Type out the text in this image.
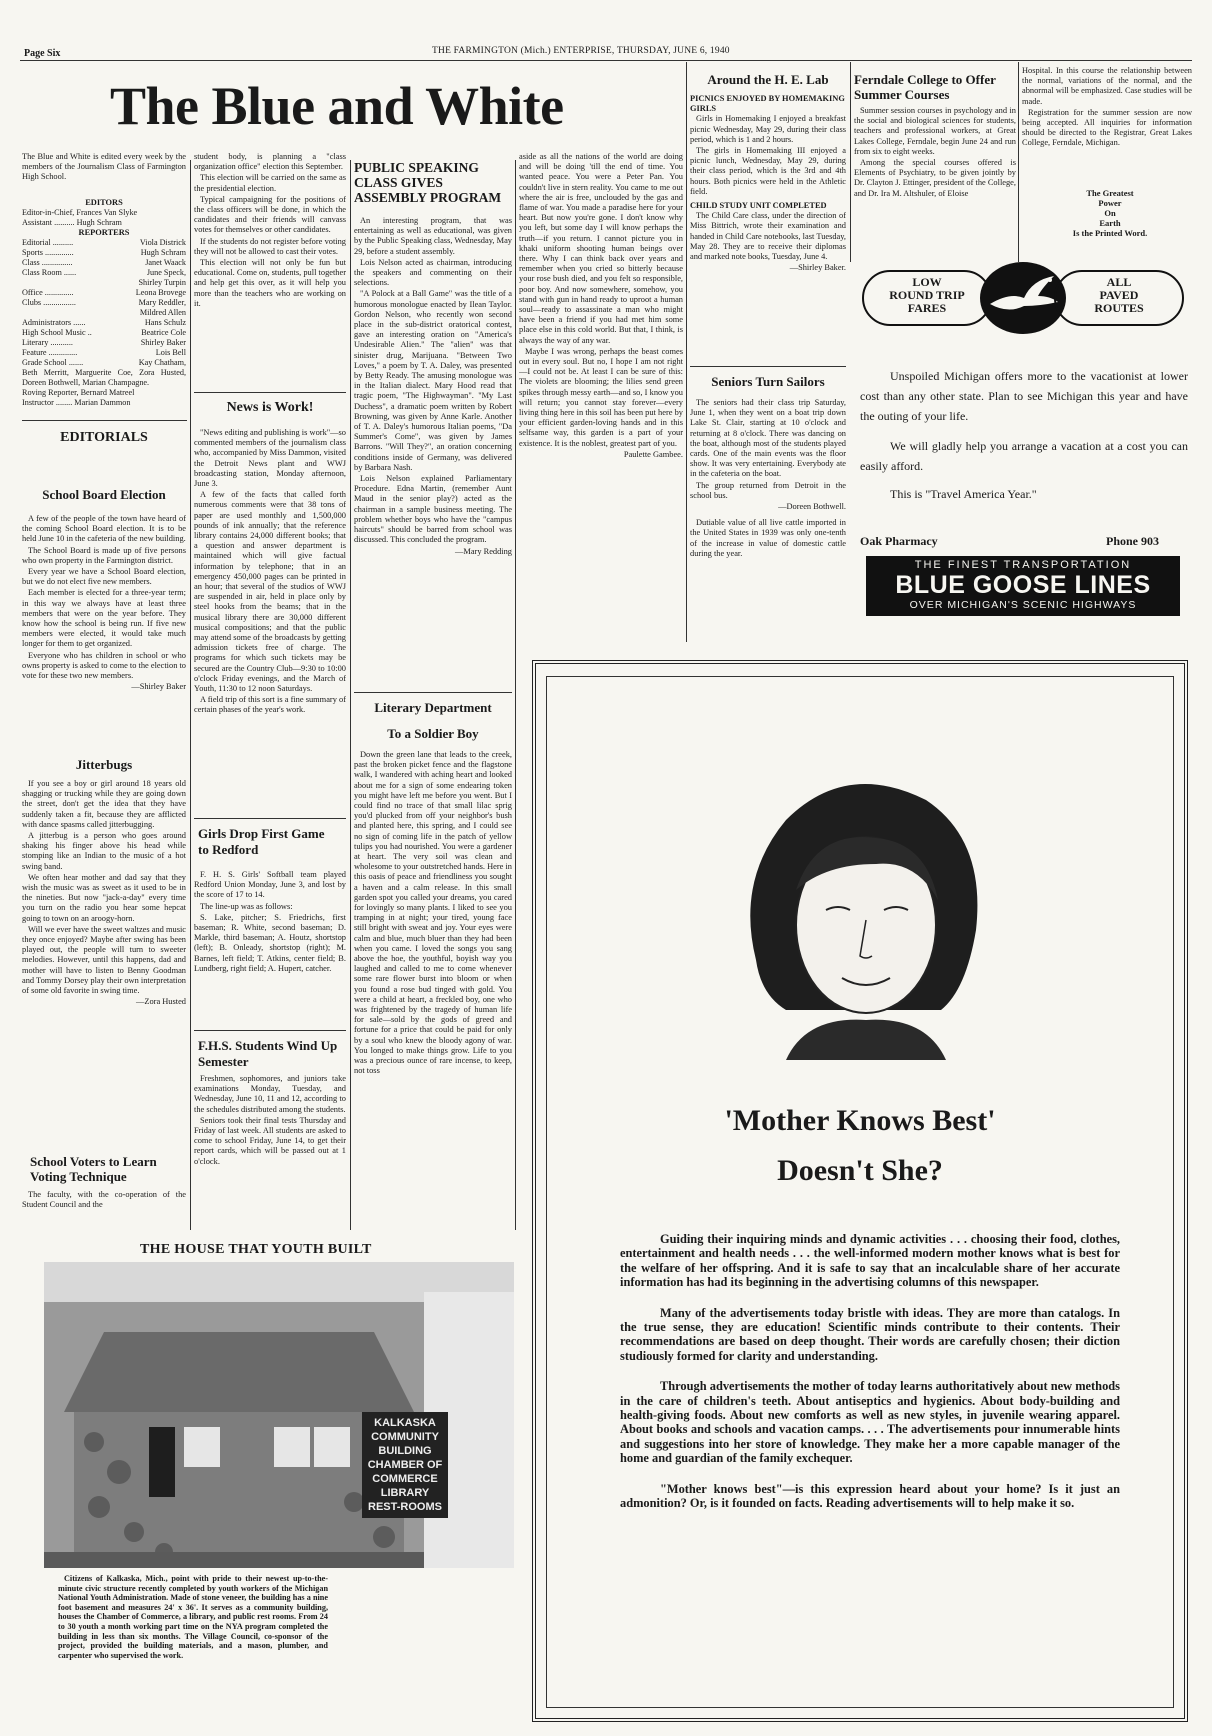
Page Six	THE FARMINGTON (Mich.) ENTERPRISE, THURSDAY, JUNE 6, 1940
The Blue and White
The Blue and White is edited every week by the members of the Journalism Class of Farmington High School.
EDITORS
Editor-in-Chief, Frances Van Slyke
Assistant .......... Hugh Schram
REPORTERS
Editorial ..........	Viola Districk
Sports ..............	Hugh Schram
Class ...............	Janet Waack
Class Room ......	June Speck,
Shirley Turpin
Office ..............	Leona Brovege
Clubs ................	Mary Reddler,
Mildred Allen
Administrators ......	Hans Schulz
High School Music ..	Beatrice Cole
Literary ...........	Shirley Baker
Feature ..............	Lois Bell
Grade School .......	Kay Chatham,
Beth Merritt, Marguerite Coe, Zora Husted, Doreen Bothwell, Marian Champagne.
Roving Reporter, Bernard Matreel
Instructor ........ Marian Dammon
EDITORIALS
School Board Election

A few of the people of the town have heard of the coming School Board election. It is to be held June 10 in the cafeteria of the new building.

The School Board is made up of five persons who own property in the Farmington district.

Every year we have a School Board election, but we do not elect five new members.

Each member is elected for a three-year term; in this way we always have at least three members that were on the year before. They know how the school is being run. If five new members were elected, it would take much longer for them to get organized.

Everyone who has children in school or who owns property is asked to come to the election to vote for these two new members.

—Shirley Baker
Jitterbugs

If you see a boy or girl around 18 years old shagging or trucking while they are going down the street, don't get the idea that they have suddenly taken a fit, because they are afflicted with dance spasms called jitterbugging.

A jitterbug is a person who goes around shaking his finger above his head while stomping like an Indian to the music of a hot swing band.

We often hear mother and dad say that they wish the music was as sweet as it used to be in the nineties. But now "jack-a-day" every time you turn on the radio you hear some hepcat going to town on an aroogy-horn.

Will we ever have the sweet waltzes and music they once enjoyed? Maybe after swing has been played out, the people will turn to sweeter melodies. However, until this happens, dad and mother will have to listen to Benny Goodman and Tommy Dorsey play their own interpretation of some old favorite in swing time.

—Zora Husted
School Voters to Learn Voting Technique
The faculty, with the co-operation of the Student Council and the

student body, is planning a "class organization office" election this September.

This election will be carried on the same as the presidential election.

Typical campaigning for the positions of the class officers will be done, in which the candidates and their friends will canvass votes for themselves or other candidates.

If the students do not register before voting they will not be allowed to cast their votes.

This election will not only be fun but educational. Come on, students, pull together and help get this over, as it will help you more than the teachers who are working on it.

News is Work!

"News editing and publishing is work"—so commented members of the journalism class who, accompanied by Miss Dammon, visited the Detroit News plant and WWJ broadcasting station, Monday afternoon, June 3.

A few of the facts that called forth numerous comments were that 38 tons of paper are used monthly and 1,500,000 pounds of ink annually; that the reference library contains 24,000 different books; that a question and answer department is maintained which will give factual information by telephone; that in an emergency 450,000 pages can be printed in an hour; that several of the studios of WWJ are suspended in air, held in place only by steel hooks from the beams; that in the musical library there are 30,000 different musical compositions; and that the public may attend some of the broadcasts by getting admission tickets free of charge. The programs for which such tickets may be secured are the Country Club—9:30 to 10:00 o'clock Friday evenings, and the March of Youth, 11:30 to 12 noon Saturdays.

A field trip of this sort is a fine summary of certain phases of the year's work.

Girls Drop First Game to Redford

F. H. S. Girls' Softball team played Redford Union Monday, June 3, and lost by the score of 17 to 14.

The line-up was as follows:

S. Lake, pitcher; S. Friedrichs, first baseman; R. White, second baseman; D. Markle, third baseman; A. Houtz, shortstop (left); B. Onleady, shortstop (right); M. Barnes, left field; T. Atkins, center field; B. Lundberg, right field; A. Hupert, catcher.

F.H.S. Students Wind Up Semester

Freshmen, sophomores, and juniors take examinations Monday, Tuesday, and Wednesday, June 10, 11 and 12, according to the schedules distributed among the students.

Seniors took their final tests Thursday and Friday of last week. All students are asked to come to school Friday, June 14, to get their report cards, which will be passed out at 1 o'clock.

PUBLIC SPEAKING CLASS GIVES ASSEMBLY PROGRAM

An interesting program, that was entertaining as well as educational, was given by the Public Speaking class, Wednesday, May 29, before a student assembly.

Lois Nelson acted as chairman, introducing the speakers and commenting on their selections.

"A Polock at a Ball Game" was the title of a humorous monologue enacted by Ilean Taylor. Gordon Nelson, who recently won second place in the sub-district oratorical contest, gave an interesting oration on "America's Undesirable Alien." The "alien" was that sinister drug, Marijuana. "Between Two Loves," a poem by T. A. Daley, was presented by Betty Ready. The amusing monologue was in the Italian dialect. Mary Hood read that tragic poem, "The Highwayman". "My Last Duchess", a dramatic poem written by Robert Browning, was given by Anne Karle. Another of T. A. Daley's humorous Italian poems, "Da Summer's Come", was given by James Barrons. "Will They?", an oration concerning conditions inside of Germany, was delivered by Barbara Nash.

Lois Nelson explained Parliamentary Procedure. Edna Martin, (remember Aunt Maud in the senior play?) acted as the chairman in a sample business meeting. The problem whether boys who have the "campus haircuts" should be barred from school was discussed. This concluded the program.

—Mary Redding
Literary Department
To a Soldier Boy

Down the green lane that leads to the creek, past the broken picket fence and the flagstone walk, I wandered with aching heart and looked about me for a sign of some endearing token you might have left me before you went. But I could find no trace of that small lilac sprig you'd plucked from off your neighbor's bush and planted here, this spring, and I could see no sign of coming life in the patch of yellow tulips you had nourished. You were a gardener at heart. The very soil was clean and wholesome to your outstretched hands. Here in this oasis of peace and friendliness you sought a haven and a calm release. In this small garden spot you called your dreams, you cared for lovingly so many plants. I liked to see you tramping in at night; your tired, young face still bright with sweat and joy. Your eyes were calm and blue, much bluer than they had been when you came. I loved the songs you sang above the hoe, the youthful, boyish way you laughed and called to me to come whenever some rare flower burst into bloom or when you found a rose bud tinged with gold. You were a child at heart, a freckled boy, one who was frightened by the tragedy of human life for sale—sold by the gods of greed and fortune for a price that could be paid for only by a soul who knew the bloody agony of war. You longed to make things grow. Life to you was a precious ounce of rare incense, to keep, not toss

aside as all the nations of the world are doing and will be doing 'till the end of time. You wanted peace. You were a Peter Pan. You couldn't live in stern reality. You came to me out where the air is free, unclouded by the gas and flame of war. You made a paradise here for your heart. But now you're gone. I don't know why you left, but some day I will know perhaps the truth—if you return. I cannot picture you in khaki uniform shooting human beings over there. Why I can think back over years and remember when you cried so bitterly because your rose bush died, and you felt so responsible, poor boy. And now somewhere, somehow, you stand with gun in hand ready to uproot a human soul—ready to assassinate a man who might have been a friend if you had met him some place else in this cold world. But that, I think, is always the way of any war.

Maybe I was wrong, perhaps the beast comes out in every soul. But no, I hope I am not right—I could not be. At least I can be sure of this: The violets are blooming; the lilies send green spikes through messy earth—and so, I know you will return; you cannot stay forever—every living thing here in this soil has been put here by your efficient garden-loving hands and in this selfsame way, this garden is a part of your existence. It is the noblest, greatest part of you.

Paulette Gambee.
Around the H. E. Lab
PICNICS ENJOYED BY HOMEMAKING GIRLS

Girls in Homemaking I enjoyed a breakfast picnic Wednesday, May 29, during their class period, which is 1 and 2 hours.

The girls in Homemaking III enjoyed a picnic lunch, Wednesday, May 29, during their class period, which is the 3rd and 4th hours. Both picnics were held in the Athletic field.

CHILD STUDY UNIT COMPLETED

The Child Care class, under the direction of Miss Bittrich, wrote their examination and handed in Child Care notebooks, last Tuesday, May 28. They are to receive their diplomas and marked note books, Tuesday, June 4.

—Shirley Baker.
Seniors Turn Sailors

The seniors had their class trip Saturday, June 1, when they went on a boat trip down Lake St. Clair, starting at 10 o'clock and returning at 8 o'clock. There was dancing on the boat, although most of the students played cards. One of the main events was the floor show. It was very entertaining. Everybody ate in the cafeteria on the boat.

The group returned from Detroit in the school bus.

—Doreen Bothwell.

Dutiable value of all live cattle imported in the United States in 1939 was only one-tenth of the increase in value of domestic cattle during the year.

Ferndale College to Offer Summer Courses

Summer session courses in psychology and in the social and biological sciences for students, teachers and professional workers, at Great Lakes College, Ferndale, begin June 24 and run from six to eight weeks.

Among the special courses offered is Elements of Psychiatry, to be given jointly by Dr. Clayton J. Ettinger, president of the College, and Dr. Ira M. Altshuler, of Eloise

Hospital. In this course the relationship between the normal, variations of the normal, and the abnormal will be emphasized. Case studies will be made.

Registration for the summer session are now being accepted. All inquiries for information should be directed to the Registrar, Great Lakes College, Ferndale, Michigan.

The Greatest
Power
On
Earth
Is the Printed Word.
LOW
ROUND TRIP
FARES
ALL
PAVED
ROUTES
Unspoiled Michigan offers more to the vacationist at lower cost than any other state. Plan to see Michigan this year and have the outing of your life.
We will gladly help you arrange a vacation at a cost you can easily afford.
This is "Travel America Year."
Oak Pharmacy	Phone 903
THE FINEST TRANSPORTATION
BLUE GOOSE LINES
OVER MICHIGAN'S SCENIC HIGHWAYS
THE HOUSE THAT YOUTH BUILT
KALKASKA
COMMUNITY
BUILDING
CHAMBER OF
COMMERCE
LIBRARY
REST-ROOMS
Citizens of Kalkaska, Mich., point with pride to their newest up-to-the-minute civic structure recently completed by youth workers of the Michigan National Youth Administration. Made of stone veneer, the building has a nine foot basement and measures 24' x 36'. It serves as a community building, houses the Chamber of Commerce, a library, and public rest rooms. From 24 to 30 youth a month working part time on the NYA program completed the building in less than six months. The Village Council, co-sponsor of the project, provided the building materials, and a mason, plumber, and carpenter who supervised the work.
'Mother Knows Best'
Doesn't She?

Guiding their inquiring minds and dynamic activities . . . choosing their food, clothes, entertainment and health needs . . . the well-informed modern mother knows what is best for the welfare of her offspring. And it is safe to say that an incalculable share of her accurate information has had its beginning in the advertising columns of this newspaper.

Many of the advertisements today bristle with ideas. They are more than catalogs. In the true sense, they are education! Scientific minds contribute to their contents. Their recommendations are based on deep thought. Their words are carefully chosen; their diction studiously formed for clarity and understanding.

Through advertisements the mother of today learns authoritatively about new methods in the care of children's teeth. About antiseptics and hygienics. About body-building and health-giving foods. About new comforts as well as new styles, in juvenile wearing apparel. About books and schools and vacation camps. . . . The advertisements pour innumerable hints and suggestions into her store of knowledge. They make her a more capable manager of the home and guardian of the family exchequer.

"Mother knows best"—is this expression heard about your home? Is it just an admonition? Or, is it founded on facts. Reading advertisements will to help make it so.
